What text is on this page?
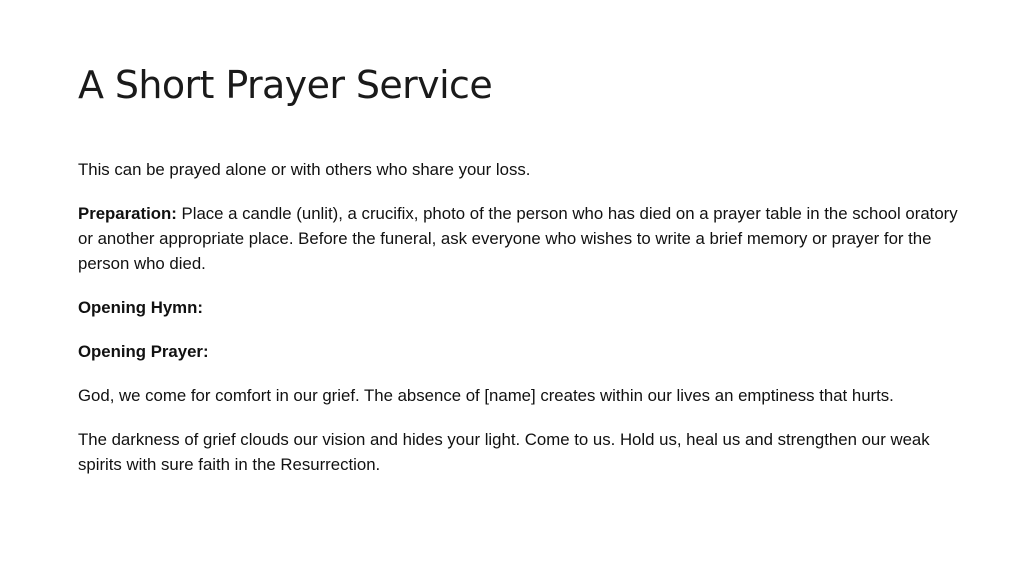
A Short Prayer Service

This can be prayed alone or with others who share your loss.

Preparation: Place a candle (unlit), a crucifix, photo of the person who has died on a prayer table in the school oratory or another appropriate place. Before the funeral, ask everyone who wishes to write a brief memory or prayer for the person who died.

Opening Hymn:

Opening Prayer:

God, we come for comfort in our grief. The absence of [name] creates within our lives an emptiness that hurts.

The darkness of grief clouds our vision and hides your light. Come to us. Hold us, heal us and strengthen our weak spirits with sure faith in the Resurrection.
